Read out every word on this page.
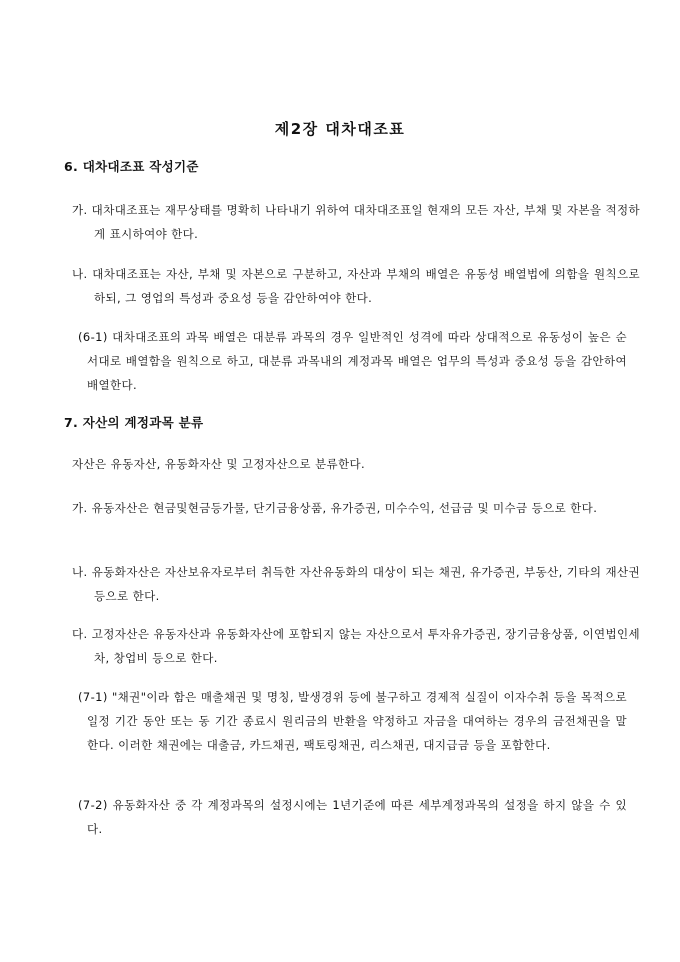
제2장 대차대조표
6. 대차대조표 작성기준
가. 대차대조표는 재무상태를 명확히 나타내기 위하여 대차대조표일 현재의 모든 자산, 부채 및 자본을 적정하게 표시하여야 한다.
나. 대차대조표는 자산, 부채 및 자본으로 구분하고, 자산과 부채의 배열은 유동성 배열법에 의함을 원칙으로 하되, 그 영업의 특성과 중요성 등을 감안하여야 한다.
(6-1) 대차대조표의 과목 배열은 대분류 과목의 경우 일반적인 성격에 따라 상대적으로 유동성이 높은 순서대로 배열함을 원칙으로 하고, 대분류 과목내의 계정과목 배열은 업무의 특성과 중요성 등을 감안하여 배열한다.
7. 자산의 계정과목 분류
자산은 유동자산, 유동화자산 및 고정자산으로 분류한다.
가. 유동자산은 현금및현금등가물, 단기금융상품, 유가증권, 미수수익, 선급금 및 미수금 등으로 한다.
나. 유동화자산은 자산보유자로부터 취득한 자산유동화의 대상이 되는 채권, 유가증권, 부동산, 기타의 재산권 등으로 한다.
다. 고정자산은 유동자산과 유동화자산에 포함되지 않는 자산으로서 투자유가증권, 장기금융상품, 이연법인세차, 창업비 등으로 한다.
(7-1) "채권"이라 함은 매출채권 및 명칭, 발생경위 등에 불구하고 경제적 실질이 이자수취 등을 목적으로 일정 기간 동안 또는 동 기간 종료시 원리금의 반환을 약정하고 자금을 대여하는 경우의 금전채권을 말한다. 이러한 채권에는 대출금, 카드채권, 팩토링채권, 리스채권, 대지급금 등을 포함한다.
(7-2) 유동화자산 중 각 계정과목의 설정시에는 1년기준에 따른 세부계정과목의 설정을 하지 않을 수 있다.
